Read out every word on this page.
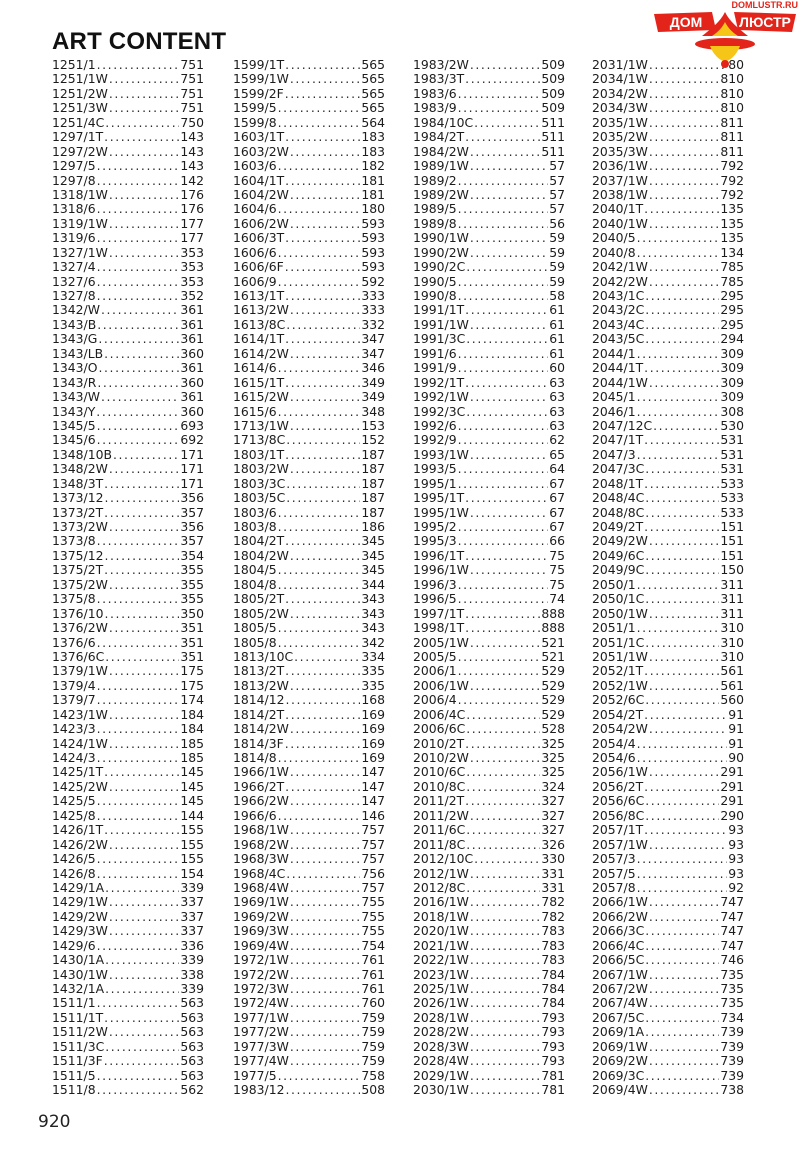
ART CONTENT
DOMLUSTR.RU
ДОМ	ЛЮСТР
1251/1 .....	751
1251/1W .....	751
1251/2W .....	751
1251/3W .....	751
1251/4C .....	750
1297/1T .....	143
1297/2W .....	143
1297/5 .....	143
1297/8 .....	142
1318/1W .....	176
1318/6 .....	176
1319/1W .....	177
1319/6 .....	177
1327/1W .....	353
1327/4 .....	353
1327/6 .....	353
1327/8 .....	352
1342/W .....	361
1343/B .....	361
1343/G .....	361
1343/LB .....	360
1343/O .....	361
1343/R .....	360
1343/W .....	361
1343/Y .....	360
1345/5 .....	693
1345/6 .....	692
1348/10B .....	171
1348/2W .....	171
1348/3T .....	171
1373/12 .....	356
1373/2T .....	357
1373/2W .....	356
1373/8 .....	357
1375/12 .....	354
1375/2T .....	355
1375/2W .....	355
1375/8 .....	355
1376/10 .....	350
1376/2W .....	351
1376/6 .....	351
1376/6C .....	351
1379/1W .....	175
1379/4 .....	175
1379/7 .....	174
1423/1W .....	184
1423/3 .....	184
1424/1W .....	185
1424/3 .....	185
1425/1T .....	145
1425/2W .....	145
1425/5 .....	145
1425/8 .....	144
1426/1T .....	155
1426/2W .....	155
1426/5 .....	155
1426/8 .....	154
1429/1A .....	339
1429/1W .....	337
1429/2W .....	337
1429/3W .....	337
1429/6 .....	336
1430/1A .....	339
1430/1W .....	338
1432/1A .....	339
1511/1 .....	563
1511/1T .....	563
1511/2W .....	563
1511/3C .....	563
1511/3F .....	563
1511/5 .....	563
1511/8 .....	562
1599/1T .....	565
1599/1W .....	565
1599/2F .....	565
1599/5 .....	565
1599/8 .....	564
1603/1T .....	183
1603/2W .....	183
1603/6 .....	182
1604/1T .....	181
1604/2W .....	181
1604/6 .....	180
1606/2W .....	593
1606/3T .....	593
1606/6 .....	593
1606/6F .....	593
1606/9 .....	592
1613/1T .....	333
1613/2W .....	333
1613/8C .....	332
1614/1T .....	347
1614/2W .....	347
1614/6 .....	346
1615/1T .....	349
1615/2W .....	349
1615/6 .....	348
1713/1W .....	153
1713/8C .....	152
1803/1T .....	187
1803/2W .....	187
1803/3C .....	187
1803/5C .....	187
1803/6 .....	187
1803/8 .....	186
1804/2T .....	345
1804/2W .....	345
1804/5 .....	345
1804/8 .....	344
1805/2T .....	343
1805/2W .....	343
1805/5 .....	343
1805/8 .....	342
1813/10C .....	334
1813/2T .....	335
1813/2W .....	335
1814/12 .....	168
1814/2T .....	169
1814/2W .....	169
1814/3F .....	169
1814/8 .....	169
1966/1W .....	147
1966/2T .....	147
1966/2W .....	147
1966/6 .....	146
1968/1W .....	757
1968/2W .....	757
1968/3W .....	757
1968/4C .....	756
1968/4W .....	757
1969/1W .....	755
1969/2W .....	755
1969/3W .....	755
1969/4W .....	754
1972/1W .....	761
1972/2W .....	761
1972/3W .....	761
1972/4W .....	760
1977/1W .....	759
1977/2W .....	759
1977/3W .....	759
1977/4W .....	759
1977/5 .....	758
1983/12 .....	508
1983/2W .....	509
1983/3T .....	509
1983/6 .....	509
1983/9 .....	509
1984/10C .....	511
1984/2T .....	511
1984/2W .....	511
1989/1W .....	57
1989/2 .....	57
1989/2W .....	57
1989/5 .....	57
1989/8 .....	56
1990/1W .....	59
1990/2W .....	59
1990/2C .....	59
1990/5 .....	59
1990/8 .....	58
1991/1T .....	61
1991/1W .....	61
1991/3C .....	61
1991/6 .....	61
1991/9 .....	60
1992/1T .....	63
1992/1W .....	63
1992/3C .....	63
1992/6 .....	63
1992/9 .....	62
1993/1W .....	65
1993/5 .....	64
1995/1 .....	67
1995/1T .....	67
1995/1W .....	67
1995/2 .....	67
1995/3 .....	66
1996/1T .....	75
1996/1W .....	75
1996/3 .....	75
1996/5 .....	74
1997/1T .....	888
1998/1T .....	888
2005/1W .....	521
2005/5 .....	521
2006/1 .....	529
2006/1W .....	529
2006/4 .....	529
2006/4C .....	529
2006/6C .....	528
2010/2T .....	325
2010/2W .....	325
2010/6C .....	325
2010/8C .....	324
2011/2T .....	327
2011/2W .....	327
2011/6C .....	327
2011/8C .....	326
2012/10C .....	330
2012/1W .....	331
2012/8C .....	331
2016/1W .....	782
2018/1W .....	782
2020/1W .....	783
2021/1W .....	783
2022/1W .....	783
2023/1W .....	784
2025/1W .....	784
2026/1W .....	784
2028/1W .....	793
2028/2W .....	793
2028/3W .....	793
2028/4W .....	793
2029/1W .....	781
2030/1W .....	781
2031/1W .....	80
2034/1W .....	810
2034/2W .....	810
2034/3W .....	810
2035/1W .....	811
2035/2W .....	811
2035/3W .....	811
2036/1W .....	792
2037/1W .....	792
2038/1W .....	792
2040/1T .....	135
2040/1W .....	135
2040/5 .....	135
2040/8 .....	134
2042/1W .....	785
2042/2W .....	785
2043/1C .....	295
2043/2C .....	295
2043/4C .....	295
2043/5C .....	294
2044/1 .....	309
2044/1T .....	309
2044/1W .....	309
2045/1 .....	309
2046/1 .....	308
2047/12C .....	530
2047/1T .....	531
2047/3 .....	531
2047/3C .....	531
2048/1T .....	533
2048/4C .....	533
2048/8C .....	533
2049/2T .....	151
2049/2W .....	151
2049/6C .....	151
2049/9C .....	150
2050/1 .....	311
2050/1C .....	311
2050/1W .....	311
2051/1 .....	310
2051/1C .....	310
2051/1W .....	310
2052/1T .....	561
2052/1W .....	561
2052/6C .....	560
2054/2T .....	91
2054/2W .....	91
2054/4 .....	91
2054/6 .....	90
2056/1W .....	291
2056/2T .....	291
2056/6C .....	291
2056/8C .....	290
2057/1T .....	93
2057/1W .....	93
2057/3 .....	93
2057/5 .....	93
2057/8 .....	92
2066/1W .....	747
2066/2W .....	747
2066/3C .....	747
2066/4C .....	747
2066/5C .....	746
2067/1W .....	735
2067/2W .....	735
2067/4W .....	735
2067/5C .....	734
2069/1A .....	739
2069/1W .....	739
2069/2W .....	739
2069/3C .....	739
2069/4W .....	738

920
